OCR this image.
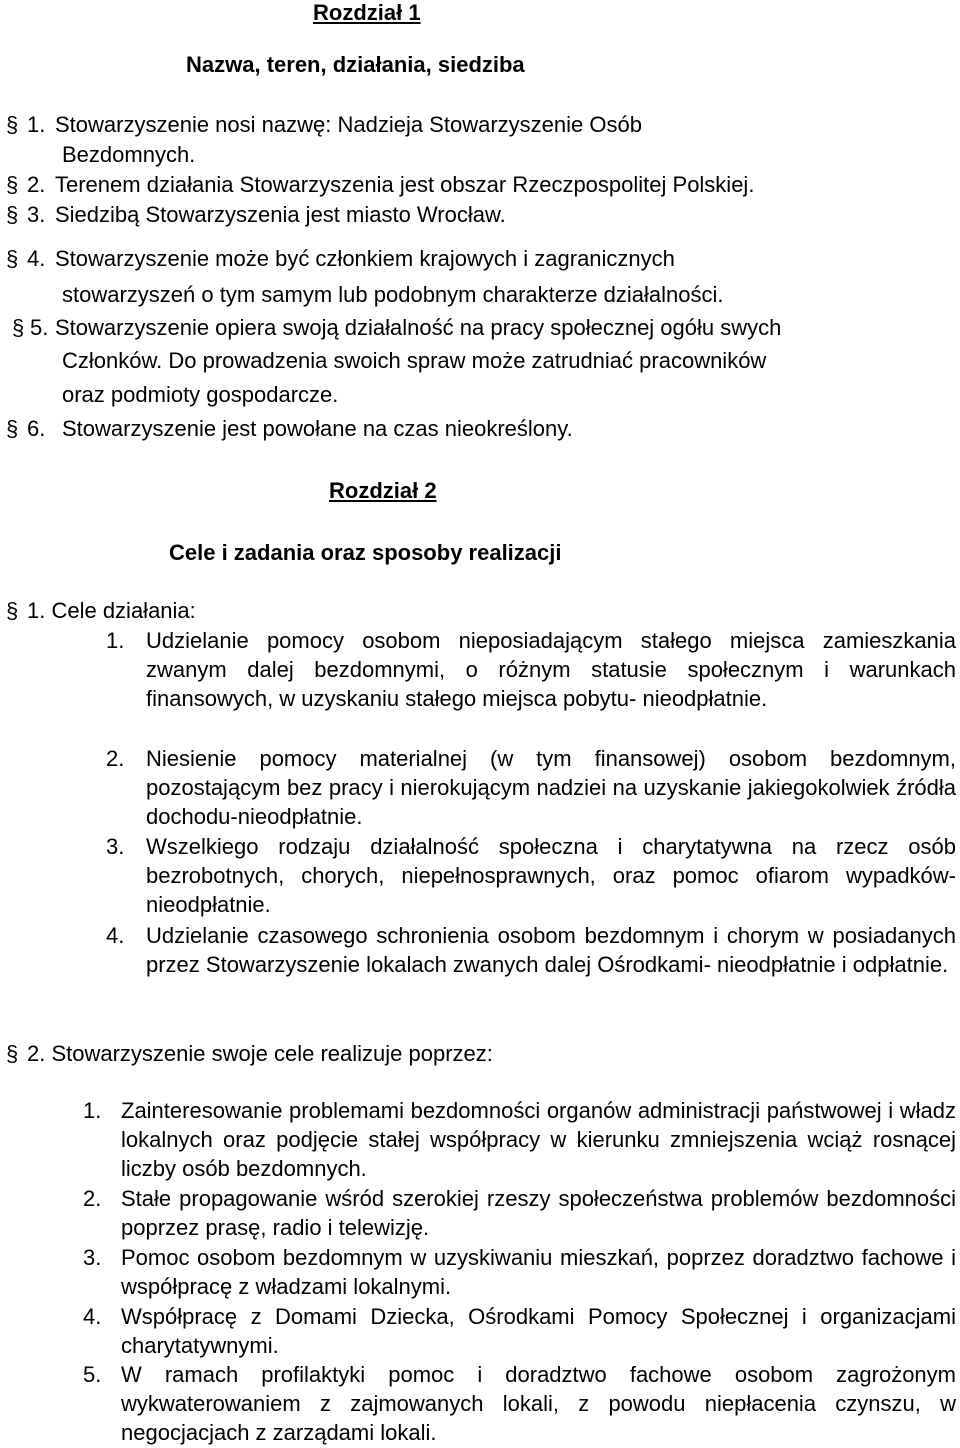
Rozdział 1
Nazwa, teren, działania, siedziba
§ 1. Stowarzyszenie nosi nazwę: Nadzieja Stowarzyszenie Osób
Bezdomnych.
§ 2. Terenem działania Stowarzyszenia jest obszar Rzeczpospolitej Polskiej.
§ 3. Siedzibą Stowarzyszenia jest miasto Wrocław.
§ 4. Stowarzyszenie może być członkiem krajowych i zagranicznych
stowarzyszeń o tym samym lub podobnym charakterze działalności.
§ 5. Stowarzyszenie opiera swoją działalność na pracy społecznej ogółu swych
Członków. Do prowadzenia swoich spraw może zatrudniać pracowników
oraz podmioty gospodarcze.
§ 6. Stowarzyszenie jest powołane na czas nieokreślony.
Rozdział 2
Cele i zadania oraz sposoby realizacji
§ 1. Cele działania:
1. Udzielanie pomocy osobom nieposiadającym stałego miejsca zamieszkania zwanym dalej bezdomnymi, o różnym statusie społecznym i warunkach finansowych, w uzyskaniu stałego miejsca pobytu- nieodpłatnie.
2. Niesienie pomocy materialnej (w tym finansowej) osobom bezdomnym, pozostającym bez pracy i nierokującym nadziei na uzyskanie jakiegokolwiek źródła dochodu-nieodpłatnie.
3. Wszelkiego rodzaju działalność społeczna i charytatywna na rzecz osób bezrobotnych, chorych, niepełnosprawnych, oraz pomoc ofiarom wypadków- nieodpłatnie.
4. Udzielanie czasowego schronienia osobom bezdomnym i chorym w posiadanych przez Stowarzyszenie lokalach zwanych dalej Ośrodkami- nieodpłatnie i odpłatnie.
§ 2. Stowarzyszenie swoje cele realizuje poprzez:
1. Zainteresowanie problemami bezdomności organów administracji państwowej i władz lokalnych oraz podjęcie stałej współpracy w kierunku zmniejszenia wciąż rosnącej liczby osób bezdomnych.
2. Stałe propagowanie wśród szerokiej rzeszy społeczeństwa problemów bezdomności poprzez prasę, radio i telewizję.
3. Pomoc osobom bezdomnym w uzyskiwaniu mieszkań, poprzez doradztwo fachowe i współpracę z władzami lokalnymi.
4. Współpracę z Domami Dziecka, Ośrodkami Pomocy Społecznej i organizacjami charytatywnymi.
5. W ramach profilaktyki pomoc i doradztwo fachowe osobom zagrożonym wykwaterowaniem z zajmowanych lokali, z powodu niepłacenia czynszu, w negocjacjach z zarządami lokali.
